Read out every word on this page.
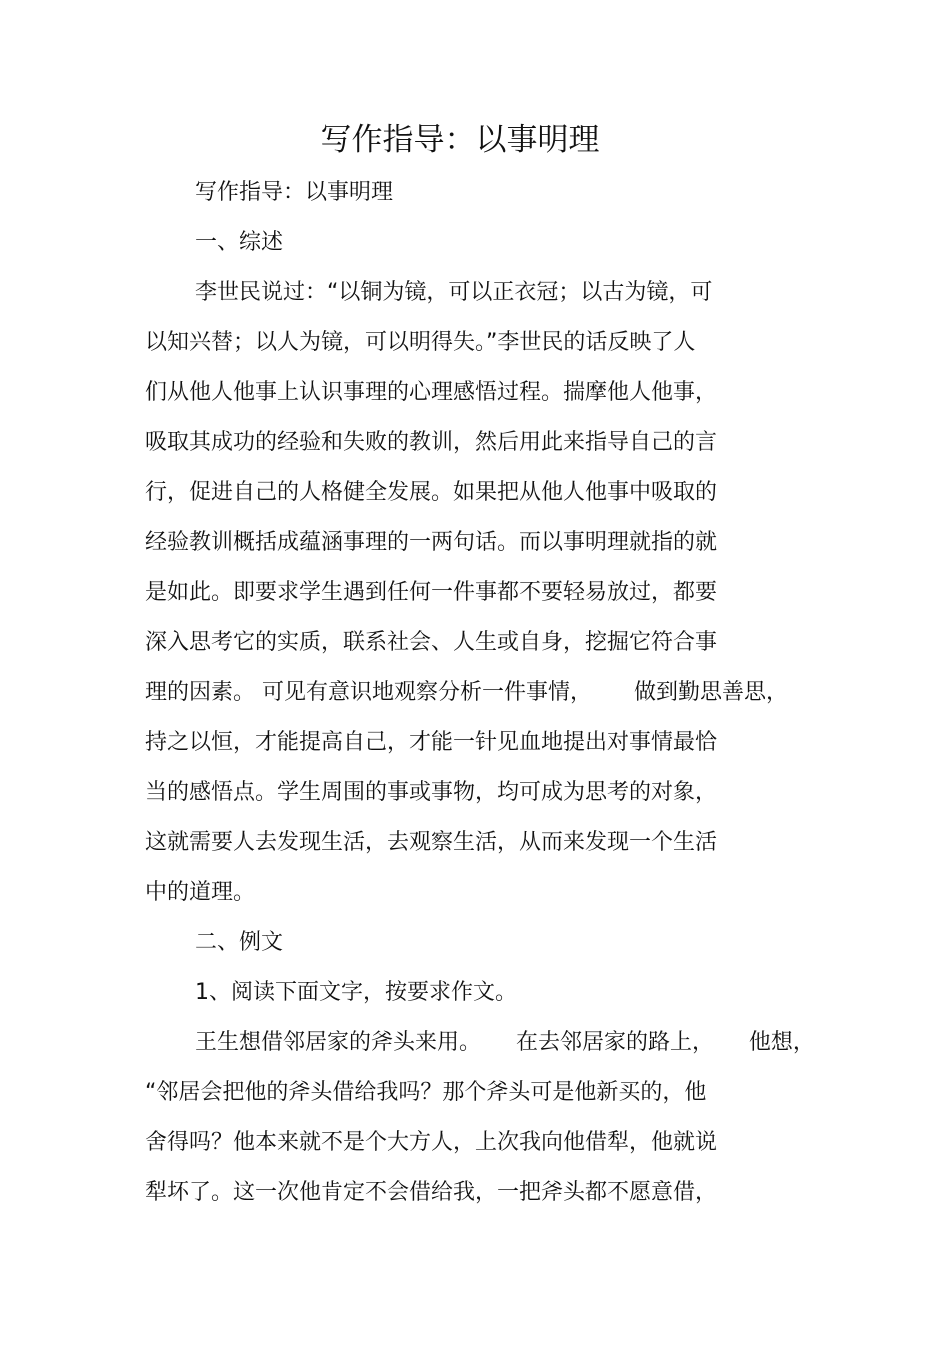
写作指导：以事明理
写作指导：以事明理
一、综述
李世民说过：“以铜为镜，可以正衣冠；以古为镜，可
以知兴替；以人为镜，可以明得失。”李世民的话反映了人
们从他人他事上认识事理的心理感悟过程。揣摩他人他事，
吸取其成功的经验和失败的教训，然后用此来指导自己的言
行，促进自己的人格健全发展。如果把从他人他事中吸取的
经验教训概括成蕴涵事理的一两句话。而以事明理就指的就
是如此。即要求学生遇到任何一件事都不要轻易放过，都要
深入思考它的实质，联系社会、人生或自身，挖掘它符合事
理的因素。 可见有意识地观察分析一件事情，      做到勤思善思，
持之以恒，才能提高自己，才能一针见血地提出对事情最恰
当的感悟点。学生周围的事或事物，均可成为思考的对象，
这就需要人去发现生活，去观察生活，从而来发现一个生活
中的道理。
二、例文
1、阅读下面文字，按要求作文。
王生想借邻居家的斧头来用。     在去邻居家的路上，     他想，
“邻居会把他的斧头借给我吗？那个斧头可是他新买的，他
舍得吗？他本来就不是个大方人，上次我向他借犁，他就说
犁坏了。这一次他肯定不会借给我，一把斧头都不愿意借，
